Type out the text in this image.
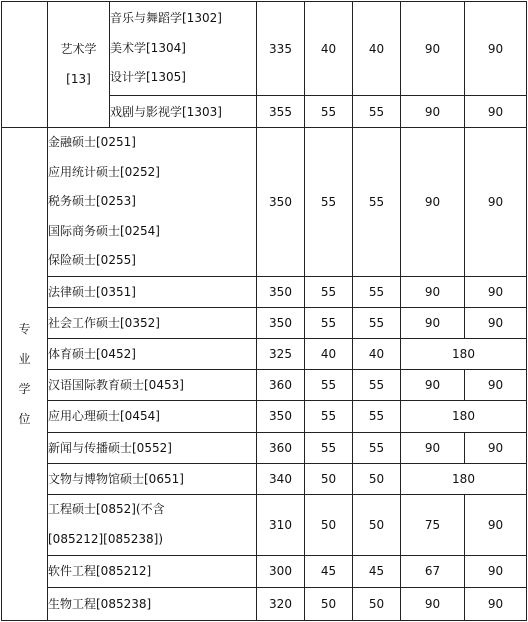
	艺术学
[13]	音乐与舞蹈学[1302]
美术学[1304]
设计学[1305]	335	40	40	90	90

		戏剧与影视学[1303]	355	55	55	90	90

专
业
学
位	金融硕士[0251]
应用统计硕士[0252]
税务硕士[0253]
国际商务硕士[0254]
保险硕士[0255]		350	55	55	90	90

	法律硕士[0351]		350	55	55	90	90

	社会工作硕士[0352]		350	55	55	90	90

	体育硕士[0452]		325	40	40	180	

	汉语国际教育硕士[0453]		360	55	55	90	90

	应用心理硕士[0454]		350	55	55	180	

	新闻与传播硕士[0552]		360	55	55	90	90

	文物与博物馆硕士[0651]		340	50	50	180	

	工程硕士[0852](不含
[085212][085238])		310	50	50	75	90

	软件工程[085212]		300	45	45	67	90

	生物工程[085238]		320	50	50	90	90
